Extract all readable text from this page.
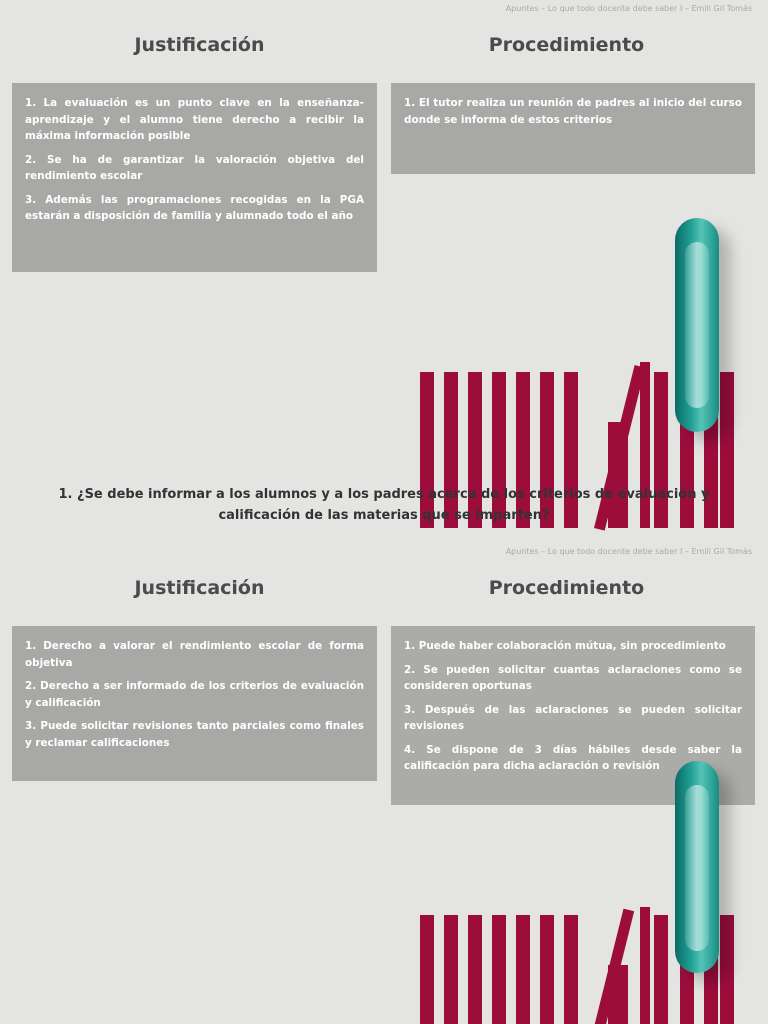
Apuntes – Lo que todo docente debe saber I – Emili Gil Tomás
Justificación	Procedimiento

1. La evaluación es un punto clave en la enseñanza-aprendizaje y el alumno tiene derecho a recibir la máxima información posible

2. Se ha de garantizar la valoración objetiva del rendimiento escolar

3. Además las programaciones recogidas en la PGA estarán a disposición de familia y alumnado todo el año

1. El tutor realiza un reunión de padres al inicio del curso donde se informa de estos criterios

1. ¿Se debe informar a los alumnos y a los padres acerca de los criterios de evaluación y calificación de las materias que se imparten?
Apuntes – Lo que todo docente debe saber I – Emili Gil Tomás
Justificación	Procedimiento

1. Derecho a valorar el rendimiento escolar de forma objetiva

2. Derecho a ser informado de los criterios de evaluación y calificación

3. Puede solicitar revisiones tanto parciales como finales y reclamar calificaciones

1. Puede haber colaboración mútua, sin procedimiento

2. Se pueden solicitar cuantas aclaraciones como se consideren oportunas

3. Después de las aclaraciones se pueden solicitar revisiones

4. Se dispone de 3 días hábiles desde saber la calificación para dicha aclaración o revisión
